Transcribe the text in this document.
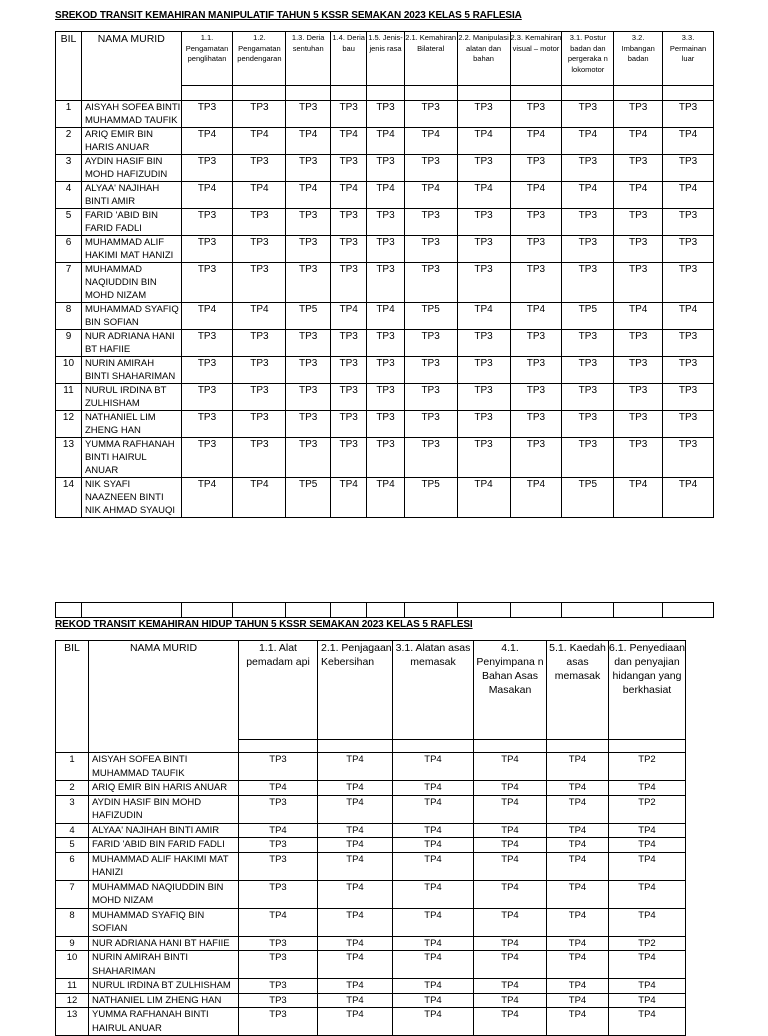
SREKOD TRANSIT KEMAHIRAN MANIPULATIF TAHUN 5 KSSR SEMAKAN 2023 KELAS 5 RAFLESIA
BIL	NAMA MURID	1.1. Pengamatan penglihatan	1.2. Pengamatan pendengaran	1.3. Deria sentuhan	1.4. Deria bau	1.5. Jenis-jenis rasa	2.1. Kemahiran Bilateral	2.2. Manipulasi alatan dan bahan	2.3. Kemahiran visual – motor	3.1. Postur badan dan pergeraka n lokomotor	3.2. Imbangan badan	3.3. Permainan luar

1	AISYAH SOFEA BINTI MUHAMMAD TAUFIK	TP3	TP3	TP3	TP3	TP3	TP3	TP3	TP3	TP3	TP3	TP3
2	ARIQ EMIR BIN HARIS ANUAR	TP4	TP4	TP4	TP4	TP4	TP4	TP4	TP4	TP4	TP4	TP4
3	AYDIN HASIF BIN MOHD HAFIZUDIN	TP3	TP3	TP3	TP3	TP3	TP3	TP3	TP3	TP3	TP3	TP3
4	ALYAA' NAJIHAH BINTI AMIR	TP4	TP4	TP4	TP4	TP4	TP4	TP4	TP4	TP4	TP4	TP4
5	FARID 'ABID BIN FARID FADLI	TP3	TP3	TP3	TP3	TP3	TP3	TP3	TP3	TP3	TP3	TP3
6	MUHAMMAD ALIF HAKIMI MAT HANIZI	TP3	TP3	TP3	TP3	TP3	TP3	TP3	TP3	TP3	TP3	TP3
7	MUHAMMAD NAQIUDDIN BIN MOHD NIZAM	TP3	TP3	TP3	TP3	TP3	TP3	TP3	TP3	TP3	TP3	TP3
8	MUHAMMAD SYAFIQ BIN SOFIAN	TP4	TP4	TP5	TP4	TP4	TP5	TP4	TP4	TP5	TP4	TP4
9	NUR ADRIANA HANI BT HAFIIE	TP3	TP3	TP3	TP3	TP3	TP3	TP3	TP3	TP3	TP3	TP3
10	NURIN AMIRAH BINTI SHAHARIMAN	TP3	TP3	TP3	TP3	TP3	TP3	TP3	TP3	TP3	TP3	TP3
11	NURUL IRDINA BT ZULHISHAM	TP3	TP3	TP3	TP3	TP3	TP3	TP3	TP3	TP3	TP3	TP3
12	NATHANIEL LIM ZHENG HAN	TP3	TP3	TP3	TP3	TP3	TP3	TP3	TP3	TP3	TP3	TP3
13	YUMMA RAFHANAH BINTI HAIRUL ANUAR	TP3	TP3	TP3	TP3	TP3	TP3	TP3	TP3	TP3	TP3	TP3
14	NIK SYAFI NAAZNEEN BINTI NIK AHMAD SYAUQI	TP4	TP4	TP5	TP4	TP4	TP5	TP4	TP4	TP5	TP4	TP4

REKOD TRANSIT KEMAHIRAN HIDUP TAHUN 5 KSSR SEMAKAN 2023 KELAS 5 RAFLESI
BIL	NAMA MURID	1.1. Alat pemadam api	2.1. Penjagaan Kebersihan	3.1. Alatan asas memasak	4.1. Penyimpana n Bahan Asas Masakan	5.1. Kaedah asas memasak	6.1. Penyediaan dan penyajian hidangan yang berkhasiat

1	AISYAH SOFEA BINTI MUHAMMAD TAUFIK	TP3	TP4	TP4	TP4	TP4	TP2
2	ARIQ EMIR BIN HARIS ANUAR	TP4	TP4	TP4	TP4	TP4	TP4
3	AYDIN HASIF BIN MOHD HAFIZUDIN	TP3	TP4	TP4	TP4	TP4	TP2
4	ALYAA' NAJIHAH BINTI AMIR	TP4	TP4	TP4	TP4	TP4	TP4
5	FARID 'ABID BIN FARID FADLI	TP3	TP4	TP4	TP4	TP4	TP4
6	MUHAMMAD ALIF HAKIMI MAT HANIZI	TP3	TP4	TP4	TP4	TP4	TP4
7	MUHAMMAD NAQIUDDIN BIN MOHD NIZAM	TP3	TP4	TP4	TP4	TP4	TP4
8	MUHAMMAD SYAFIQ BIN SOFIAN	TP4	TP4	TP4	TP4	TP4	TP4
9	NUR ADRIANA HANI BT HAFIIE	TP3	TP4	TP4	TP4	TP4	TP2
10	NURIN AMIRAH BINTI SHAHARIMAN	TP3	TP4	TP4	TP4	TP4	TP4
11	NURUL IRDINA BT ZULHISHAM	TP3	TP4	TP4	TP4	TP4	TP4
12	NATHANIEL LIM ZHENG HAN	TP3	TP4	TP4	TP4	TP4	TP4
13	YUMMA RAFHANAH BINTI HAIRUL ANUAR	TP3	TP4	TP4	TP4	TP4	TP4
